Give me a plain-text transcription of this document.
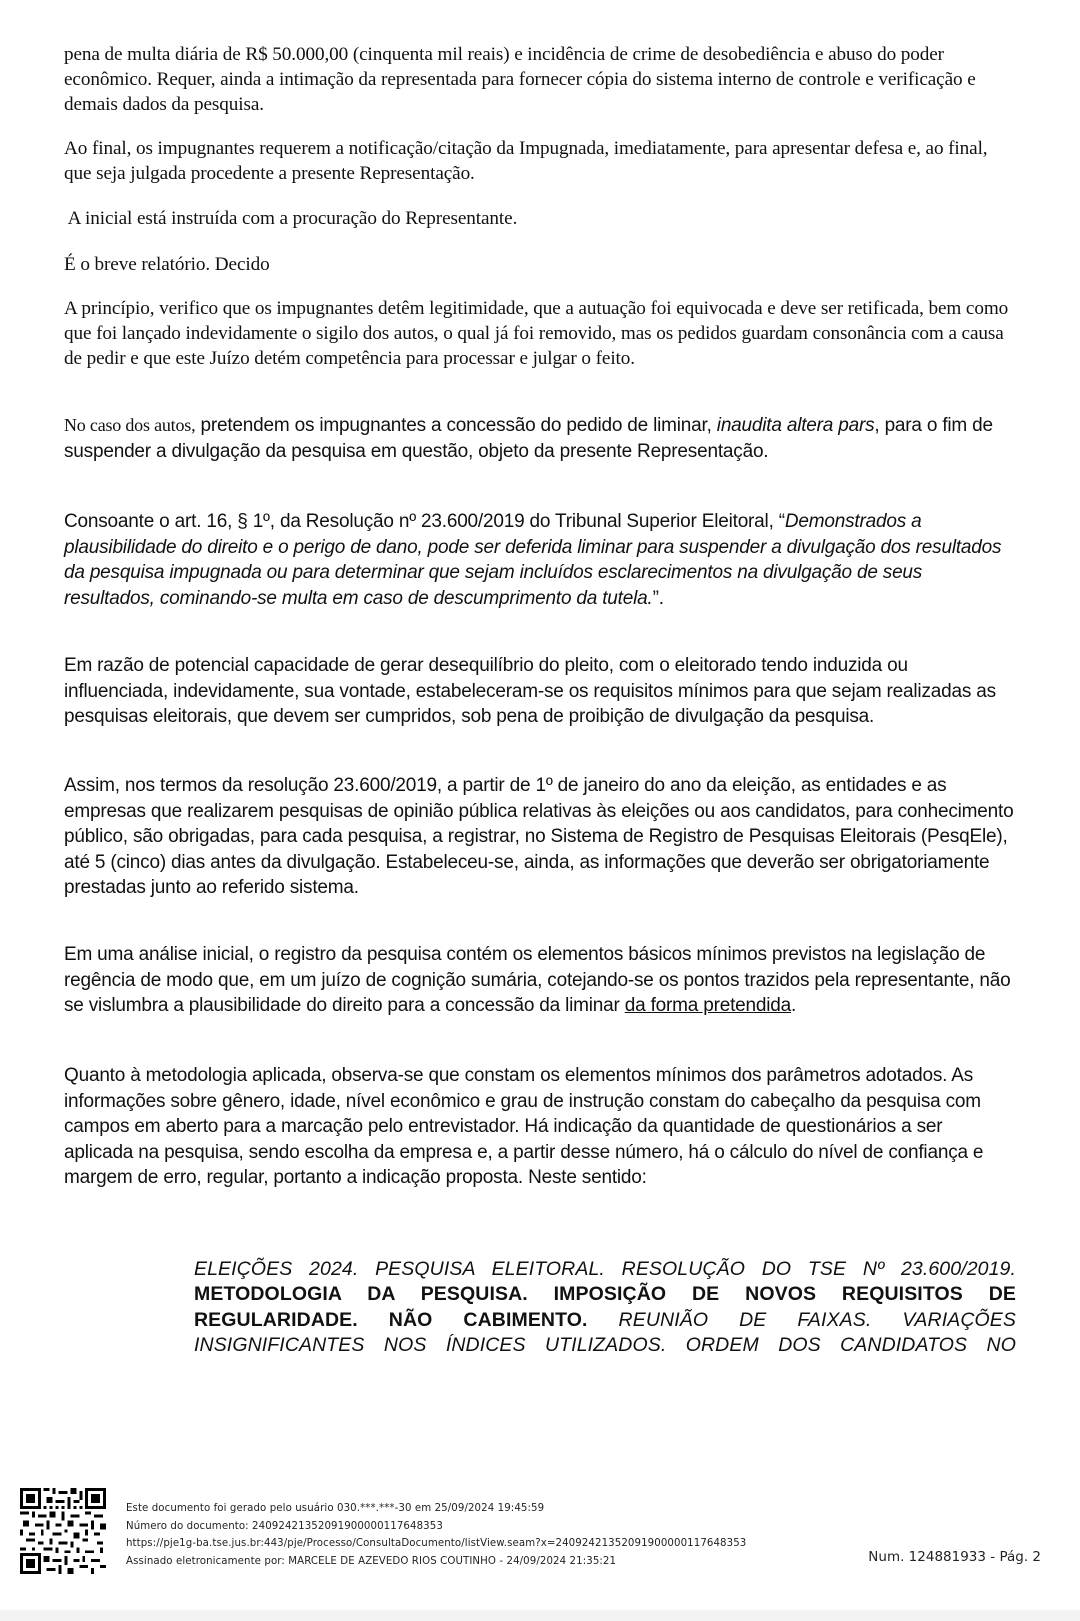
pena de multa diária de R$ 50.000,00 (cinquenta mil reais) e incidência de crime de desobediência e abuso do poder econômico. Requer, ainda a intimação da representada para fornecer cópia do sistema interno de controle e verificação e demais dados da pesquisa.

Ao final, os impugnantes requerem a notificação/citação da Impugnada, imediatamente, para apresentar defesa e, ao final, que seja julgada procedente a presente Representação.

A inicial está instruída com a procuração do Representante.

É o breve relatório. Decido

A princípio, verifico que os impugnantes detêm legitimidade, que a autuação foi equivocada e deve ser retificada, bem como que foi lançado indevidamente o sigilo dos autos, o qual já foi removido, mas os pedidos guardam consonância com a causa de pedir e que este Juízo detém competência para processar e julgar o feito.

No caso dos autos, pretendem os impugnantes a concessão do pedido de liminar, inaudita altera pars, para o fim de suspender a divulgação da pesquisa em questão, objeto da presente Representação.

Consoante o art. 16, § 1º, da Resolução nº 23.600/2019 do Tribunal Superior Eleitoral, “Demonstrados a plausibilidade do direito e o perigo de dano, pode ser deferida liminar para suspender a divulgação dos resultados da pesquisa impugnada ou para determinar que sejam incluídos esclarecimentos na divulgação de seus resultados, cominando-se multa em caso de descumprimento da tutela.”.

Em razão de potencial capacidade de gerar desequilíbrio do pleito, com o eleitorado tendo induzida ou influenciada, indevidamente, sua vontade, estabeleceram-se os requisitos mínimos para que sejam realizadas as pesquisas eleitorais, que devem ser cumpridos, sob pena de proibição de divulgação da pesquisa.

Assim, nos termos da resolução 23.600/2019, a partir de 1º de janeiro do ano da eleição, as entidades e as empresas que realizarem pesquisas de opinião pública relativas às eleições ou aos candidatos, para conhecimento público, são obrigadas, para cada pesquisa, a registrar, no Sistema de Registro de Pesquisas Eleitorais (PesqEle), até 5 (cinco) dias antes da divulgação. Estabeleceu-se, ainda, as informações que deverão ser obrigatoriamente prestadas junto ao referido sistema.

Em uma análise inicial, o registro da pesquisa contém os elementos básicos mínimos previstos na legislação de regência de modo que, em um juízo de cognição sumária, cotejando-se os pontos trazidos pela representante, não se vislumbra a plausibilidade do direito para a concessão da liminar da forma pretendida.

Quanto à metodologia aplicada, observa-se que constam os elementos mínimos dos parâmetros adotados. As informações sobre gênero, idade, nível econômico e grau de instrução constam do cabeçalho da pesquisa com campos em aberto para a marcação pelo entrevistador. Há indicação da quantidade de questionários a ser aplicada na pesquisa, sendo escolha da empresa e, a partir desse número, há o cálculo do nível de confiança e margem de erro, regular, portanto a indicação proposta. Neste sentido:

ELEIÇÕES 2024. PESQUISA ELEITORAL. RESOLUÇÃO DO TSE Nº 23.600/2019. METODOLOGIA DA PESQUISA. IMPOSIÇÃO DE NOVOS REQUISITOS DE REGULARIDADE. NÃO CABIMENTO. REUNIÃO DE FAIXAS. VARIAÇÕES INSIGNIFICANTES NOS ÍNDICES UTILIZADOS. ORDEM DOS CANDIDATOS NO

Este documento foi gerado pelo usuário 030.***.***-30 em 25/09/2024 19:45:59
Número do documento: 24092421352091900000117648353
https://pje1g-ba.tse.jus.br:443/pje/Processo/ConsultaDocumento/listView.seam?x=24092421352091900000117648353
Assinado eletronicamente por: MARCELE DE AZEVEDO RIOS COUTINHO - 24/09/2024 21:35:21	Num. 124881933 - Pág. 2
